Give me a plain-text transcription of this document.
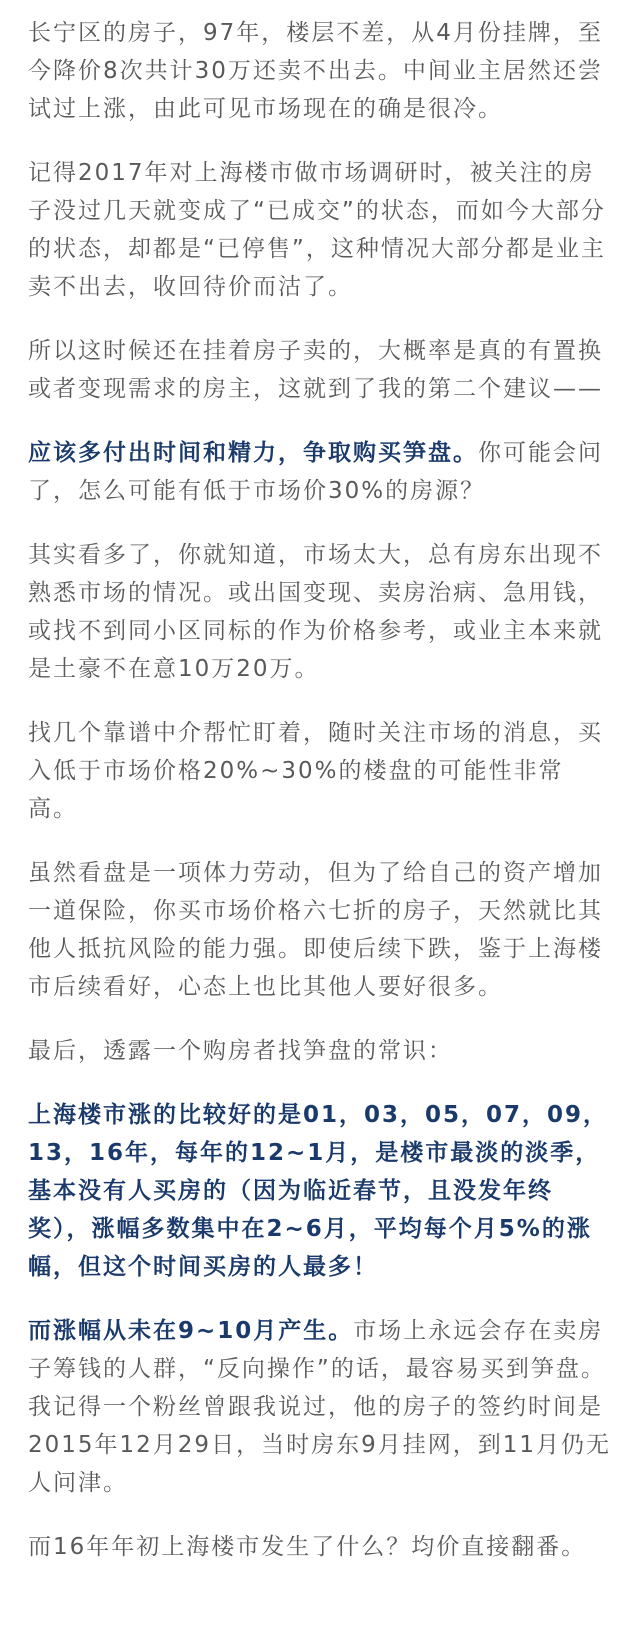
长宁区的房子，97年，楼层不差，从4月份挂牌，至今降价8次共计30万还卖不出去。中间业主居然还尝试过上涨，由此可见市场现在的确是很冷。

记得2017年对上海楼市做市场调研时，被关注的房子没过几天就变成了“已成交”的状态，而如今大部分的状态，却都是“已停售”，这种情况大部分都是业主卖不出去，收回待价而沽了。

所以这时候还在挂着房子卖的，大概率是真的有置换或者变现需求的房主，这就到了我的第二个建议——

应该多付出时间和精力，争取购买笋盘。你可能会问了，怎么可能有低于市场价30%的房源？

其实看多了，你就知道，市场太大，总有房东出现不熟悉市场的情况。或出国变现、卖房治病、急用钱，或找不到同小区同标的作为价格参考，或业主本来就是土豪不在意10万20万。

找几个靠谱中介帮忙盯着，随时关注市场的消息，买入低于市场价格20%~30%的楼盘的可能性非常高。

虽然看盘是一项体力劳动，但为了给自己的资产增加一道保险，你买市场价格六七折的房子，天然就比其他人抵抗风险的能力强。即使后续下跌，鉴于上海楼市后续看好，心态上也比其他人要好很多。

最后，透露一个购房者找笋盘的常识：

上海楼市涨的比较好的是01，03，05，07，09，13，16年，每年的12~1月，是楼市最淡的淡季，基本没有人买房的（因为临近春节，且没发年终奖），涨幅多数集中在2~6月，平均每个月5%的涨幅，但这个时间买房的人最多！

而涨幅从未在9~10月产生。市场上永远会存在卖房子筹钱的人群，“反向操作”的话，最容易买到笋盘。我记得一个粉丝曾跟我说过，他的房子的签约时间是2015年12月29日，当时房东9月挂网，到11月仍无人问津。

而16年年初上海楼市发生了什么？均价直接翻番。
